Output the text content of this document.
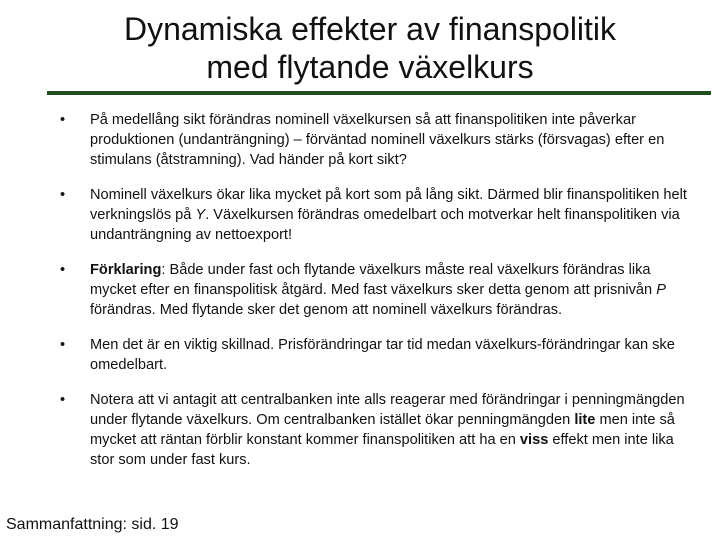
Dynamiska effekter av finanspolitik
med flytande växelkurs
•	På medellång sikt förändras nominell växelkursen så att finanspolitiken inte påverkar produktionen (undanträngning) – förväntad nominell växelkurs stärks (försvagas) efter en stimulans (åtstramning). Vad händer på kort sikt?
•	Nominell växelkurs ökar lika mycket på kort som på lång sikt. Därmed blir finanspolitiken helt verkningslös på Y. Växelkursen förändras omedelbart och motverkar helt finanspolitiken via undanträngning av nettoexport!
•	Förklaring: Både under fast och flytande växelkurs måste real växelkurs förändras lika mycket efter en finanspolitisk åtgärd. Med fast växelkurs sker detta genom att prisnivån P förändras. Med flytande sker det genom att nominell växelkurs förändras.
•	Men det är en viktig skillnad. Prisförändringar tar tid medan växelkurs-förändringar kan ske omedelbart.
•	Notera att vi antagit att centralbanken inte alls reagerar med förändringar i penningmängden under flytande växelkurs. Om centralbanken istället ökar penningmängden lite men inte så mycket att räntan förblir konstant kommer finanspolitiken att ha en viss effekt men inte lika stor som under fast kurs.
Sammanfattning: sid. 19
